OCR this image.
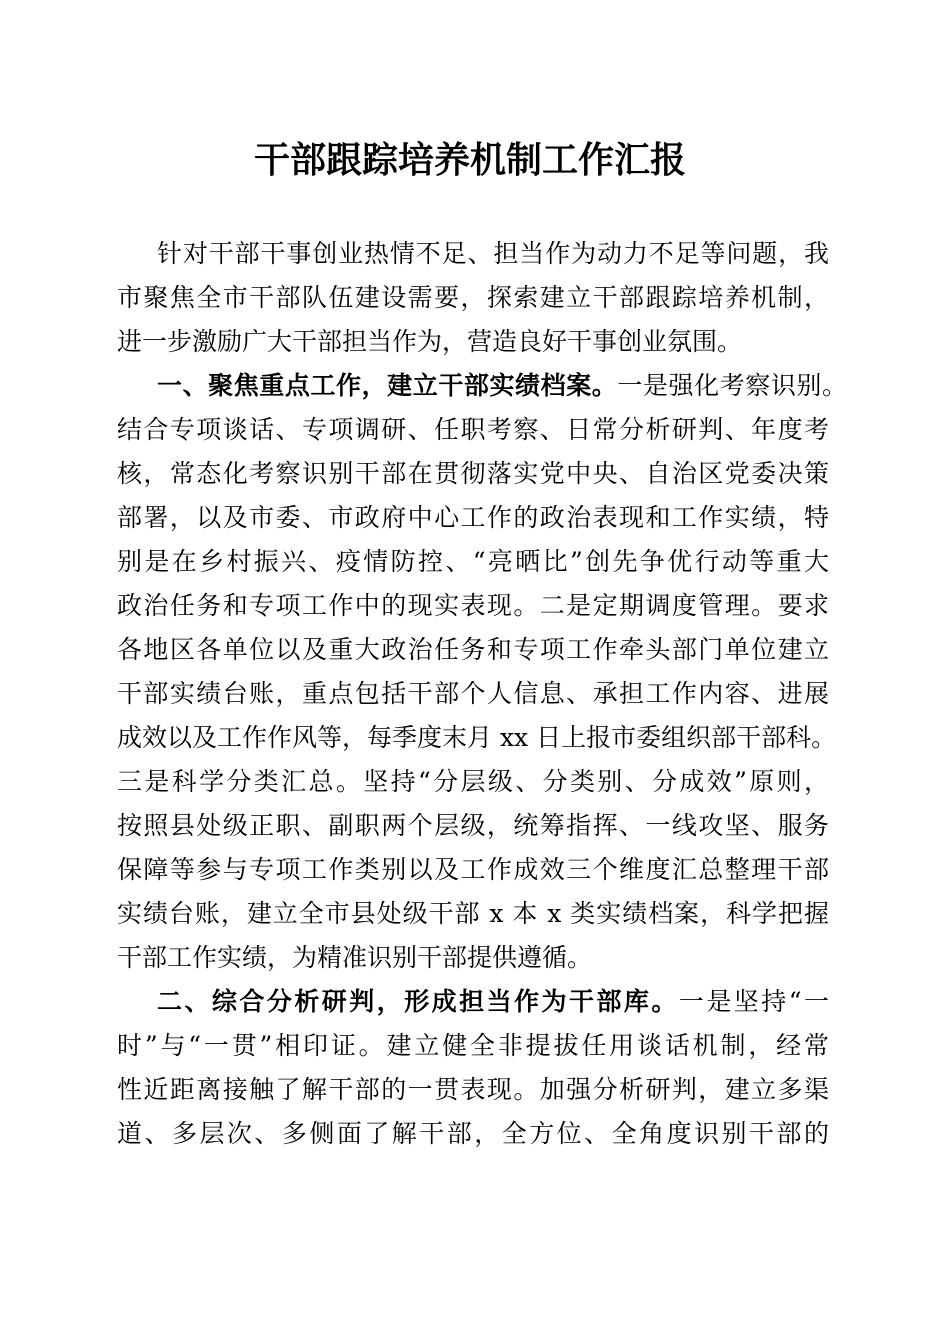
干部跟踪培养机制工作汇报
针对干部干事创业热情不足、担当作为动力不足等问题，我
市聚焦全市干部队伍建设需要，探索建立干部跟踪培养机制，
进一步激励广大干部担当作为，营造良好干事创业氛围。
一、聚焦重点工作，建立干部实绩档案。一是强化考察识别。
结合专项谈话、专项调研、任职考察、日常分析研判、年度考
核，常态化考察识别干部在贯彻落实党中央、自治区党委决策
部署，以及市委、市政府中心工作的政治表现和工作实绩，特
别是在乡村振兴、疫情防控、“亮晒比”创先争优行动等重大
政治任务和专项工作中的现实表现。二是定期调度管理。要求
各地区各单位以及重大政治任务和专项工作牵头部门单位建立
干部实绩台账，重点包括干部个人信息、承担工作内容、进展
成效以及工作作风等，每季度末月 xx 日上报市委组织部干部科。
三是科学分类汇总。坚持“分层级、分类别、分成效”原则，
按照县处级正职、副职两个层级，统筹指挥、一线攻坚、服务
保障等参与专项工作类别以及工作成效三个维度汇总整理干部
实绩台账，建立全市县处级干部 x 本 x 类实绩档案，科学把握
干部工作实绩，为精准识别干部提供遵循。
二、综合分析研判，形成担当作为干部库。一是坚持“一
时”与“一贯”相印证。建立健全非提拔任用谈话机制，经常
性近距离接触了解干部的一贯表现。加强分析研判，建立多渠
道、多层次、多侧面了解干部，全方位、全角度识别干部的
